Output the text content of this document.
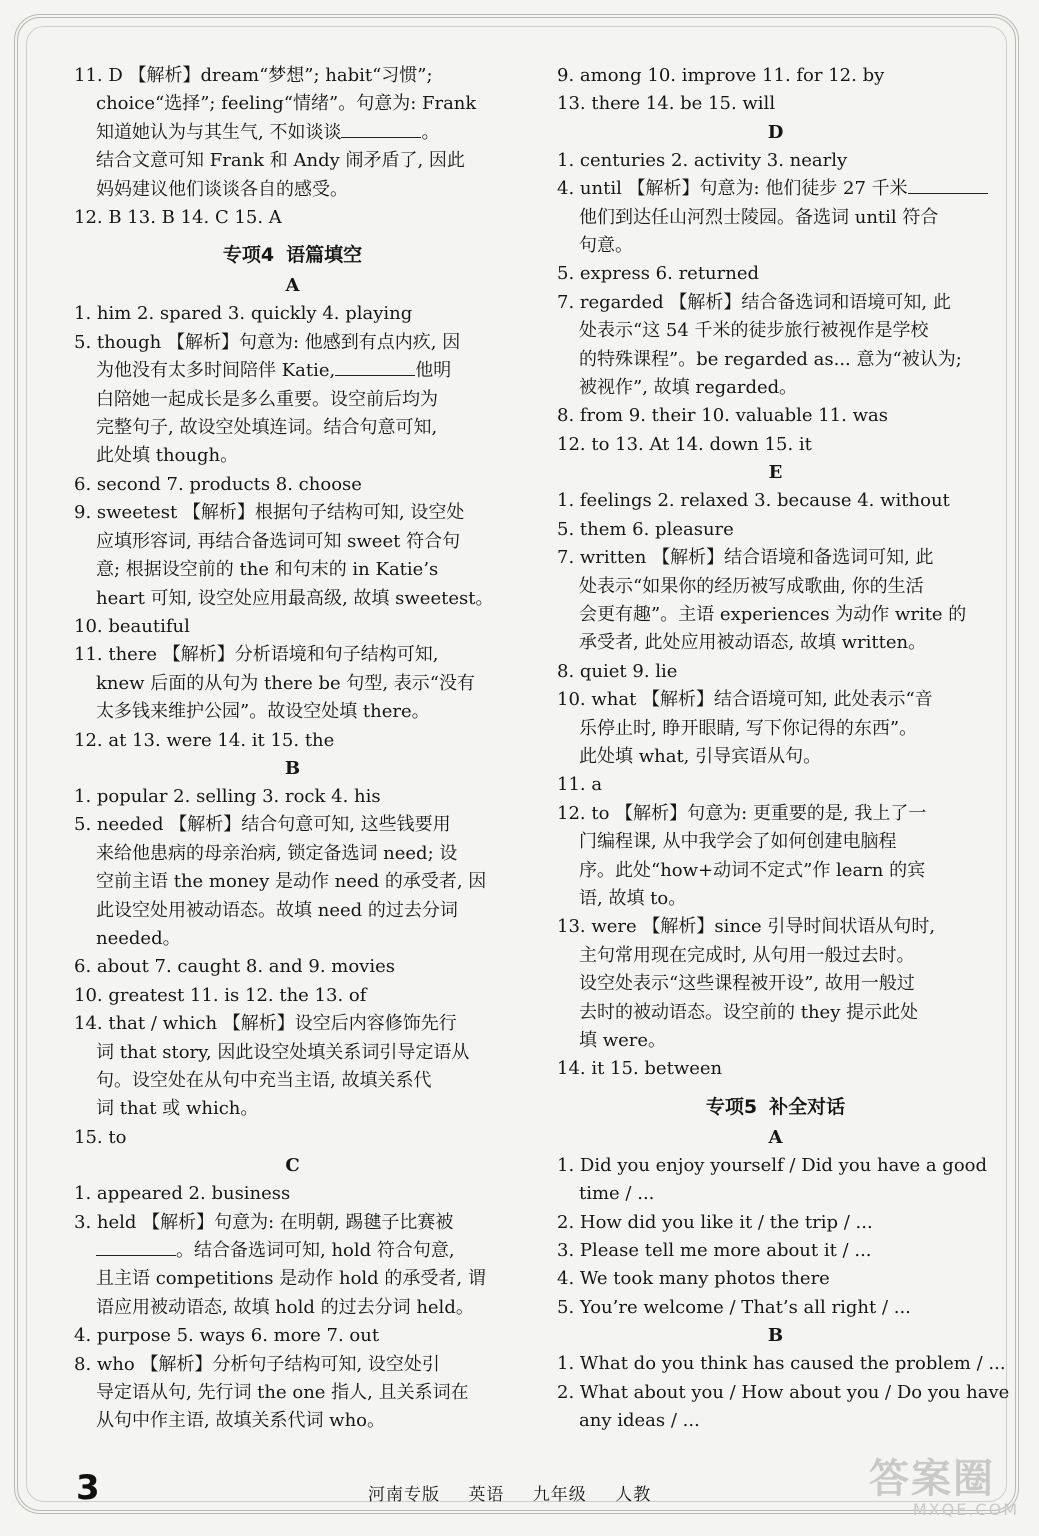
11. D 【解析】dream“梦想”; habit“习惯”;
choice“选择”; feeling“情绪”。句意为: Frank
知道她认为与其生气, 不如谈谈	。
结合文意可知 Frank 和 Andy 闹矛盾了, 因此
妈妈建议他们谈谈各自的感受。
12. B 13. B 14. C 15. A
专项4 语篇填空
A
1. him 2. spared 3. quickly 4. playing
5. though 【解析】句意为: 他感到有点内疚, 因
为他没有太多时间陪伴 Katie,	他明
白陪她一起成长是多么重要。设空前后均为
完整句子, 故设空处填连词。结合句意可知,
此处填 though。
6. second 7. products 8. choose
9. sweetest 【解析】根据句子结构可知, 设空处
应填形容词, 再结合备选词可知 sweet 符合句
意; 根据设空前的 the 和句末的 in Katie’s
heart 可知, 设空处应用最高级, 故填 sweetest。
10. beautiful
11. there 【解析】分析语境和句子结构可知,
knew 后面的从句为 there be 句型, 表示“没有
太多钱来维护公园”。故设空处填 there。
12. at 13. were 14. it 15. the
B
1. popular 2. selling 3. rock 4. his
5. needed 【解析】结合句意可知, 这些钱要用
来给他患病的母亲治病, 锁定备选词 need; 设
空前主语 the money 是动作 need 的承受者, 因
此设空处用被动语态。故填 need 的过去分词
needed。
6. about 7. caught 8. and 9. movies
10. greatest 11. is 12. the 13. of
14. that / which 【解析】设空后内容修饰先行
词 that story, 因此设空处填关系词引导定语从
句。设空处在从句中充当主语, 故填关系代
词 that 或 which。
15. to
C
1. appeared 2. business
3. held 【解析】句意为: 在明朝, 踢毽子比赛被
。结合备选词可知, hold 符合句意,
且主语 competitions 是动作 hold 的承受者, 谓
语应用被动语态, 故填 hold 的过去分词 held。
4. purpose 5. ways 6. more 7. out
8. who 【解析】分析句子结构可知, 设空处引
导定语从句, 先行词 the one 指人, 且关系词在
从句中作主语, 故填关系代词 who。
9. among 10. improve 11. for 12. by
13. there 14. be 15. will
D
1. centuries 2. activity 3. nearly
4. until 【解析】句意为: 他们徒步 27 千米
他们到达任山河烈士陵园。备选词 until 符合
句意。
5. express 6. returned
7. regarded 【解析】结合备选词和语境可知, 此
处表示“这 54 千米的徒步旅行被视作是学校
的特殊课程”。be regarded as... 意为“被认为;
被视作”, 故填 regarded。
8. from 9. their 10. valuable 11. was
12. to 13. At 14. down 15. it
E
1. feelings 2. relaxed 3. because 4. without
5. them 6. pleasure
7. written 【解析】结合语境和备选词可知, 此
处表示“如果你的经历被写成歌曲, 你的生活
会更有趣”。主语 experiences 为动作 write 的
承受者, 此处应用被动语态, 故填 written。
8. quiet 9. lie
10. what 【解析】结合语境可知, 此处表示“音
乐停止时, 睁开眼睛, 写下你记得的东西”。
此处填 what, 引导宾语从句。
11. a
12. to 【解析】句意为: 更重要的是, 我上了一
门编程课, 从中我学会了如何创建电脑程
序。此处“how+动词不定式”作 learn 的宾
语, 故填 to。
13. were 【解析】since 引导时间状语从句时,
主句常用现在完成时, 从句用一般过去时。
设空处表示“这些课程被开设”, 故用一般过
去时的被动语态。设空前的 they 提示此处
填 were。
14. it 15. between
专项5 补全对话
A
1. Did you enjoy yourself / Did you have a good
time / ...
2. How did you like it / the trip / ...
3. Please tell me more about it / ...
4. We took many photos there
5. You’re welcome / That’s all right / ...
B
1. What do you think has caused the problem / ...
2. What about you / How about you / Do you have
any ideas / ...
3	河南专版 英语 九年级 人教	答案圈
MXQE.COM
